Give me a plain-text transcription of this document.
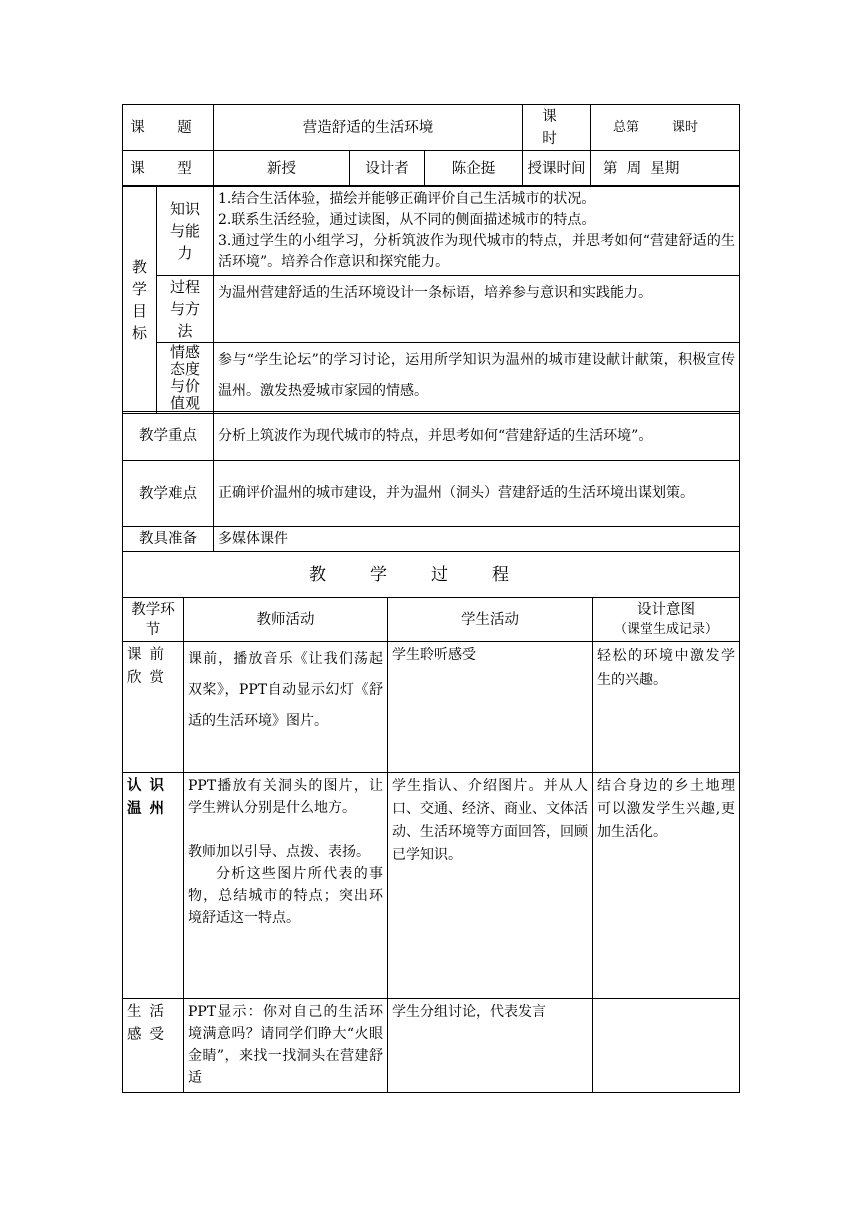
课 题	营造舒适的生活环境			课 时	总第        课时
课 型	新授	设计者	陈企挺	授课时间	第  周  星期
教学目标	知识与能力	1.结合生活体验，描绘并能够正确评价自己生活城市的状况。
2.联系生活经验，通过读图，从不同的侧面描述城市的特点。
3.通过学生的小组学习，分析筑波作为现代城市的特点，并思考如何“营建舒适的生活环境”。培养合作意识和探究能力。

	过程与方法	为温州营建舒适的生活环境设计一条标语，培养参与意识和实践能力。
	情感态度与价值观	参与“学生论坛”的学习讨论，运用所学知识为温州的城市建设献计献策，积极宣传温州。激发热爱城市家园的情感。
教学重点	分析上筑波作为现代城市的特点，并思考如何“营建舒适的生活环境”。
教学难点	正确评价温州的城市建设，并为温州（洞头）营建舒适的生活环境出谋划策。
教具准备	多媒体课件
教学过程	
教学环节	教师活动	学生活动	设计意图
（课堂生成记录）

课前欣赏	课前，播放音乐《让我们荡起双桨》，PPT自动显示幻灯《舒适的生活环境》图片。	学生聆听感受	轻松的环境中激发学生的兴趣。
认识温州	PPT播放有关洞头的图片，让学生辨认分别是什么地方。

教师加以引导、点拨、表扬。

分析这些图片所代表的事物，总结城市的特点；突出环境舒适这一特点。	学生指认、介绍图片。并从人口、交通、经济、商业、文体活动、生活环境等方面回答，回顾已学知识。	结合身边的乡土地理可以激发学生兴趣,更加生活化。
生活感受	PPT显示：你对自己的生活环境满意吗？请同学们睁大“火眼金睛”，来找一找洞头在营建舒适	学生分组讨论，代表发言	
